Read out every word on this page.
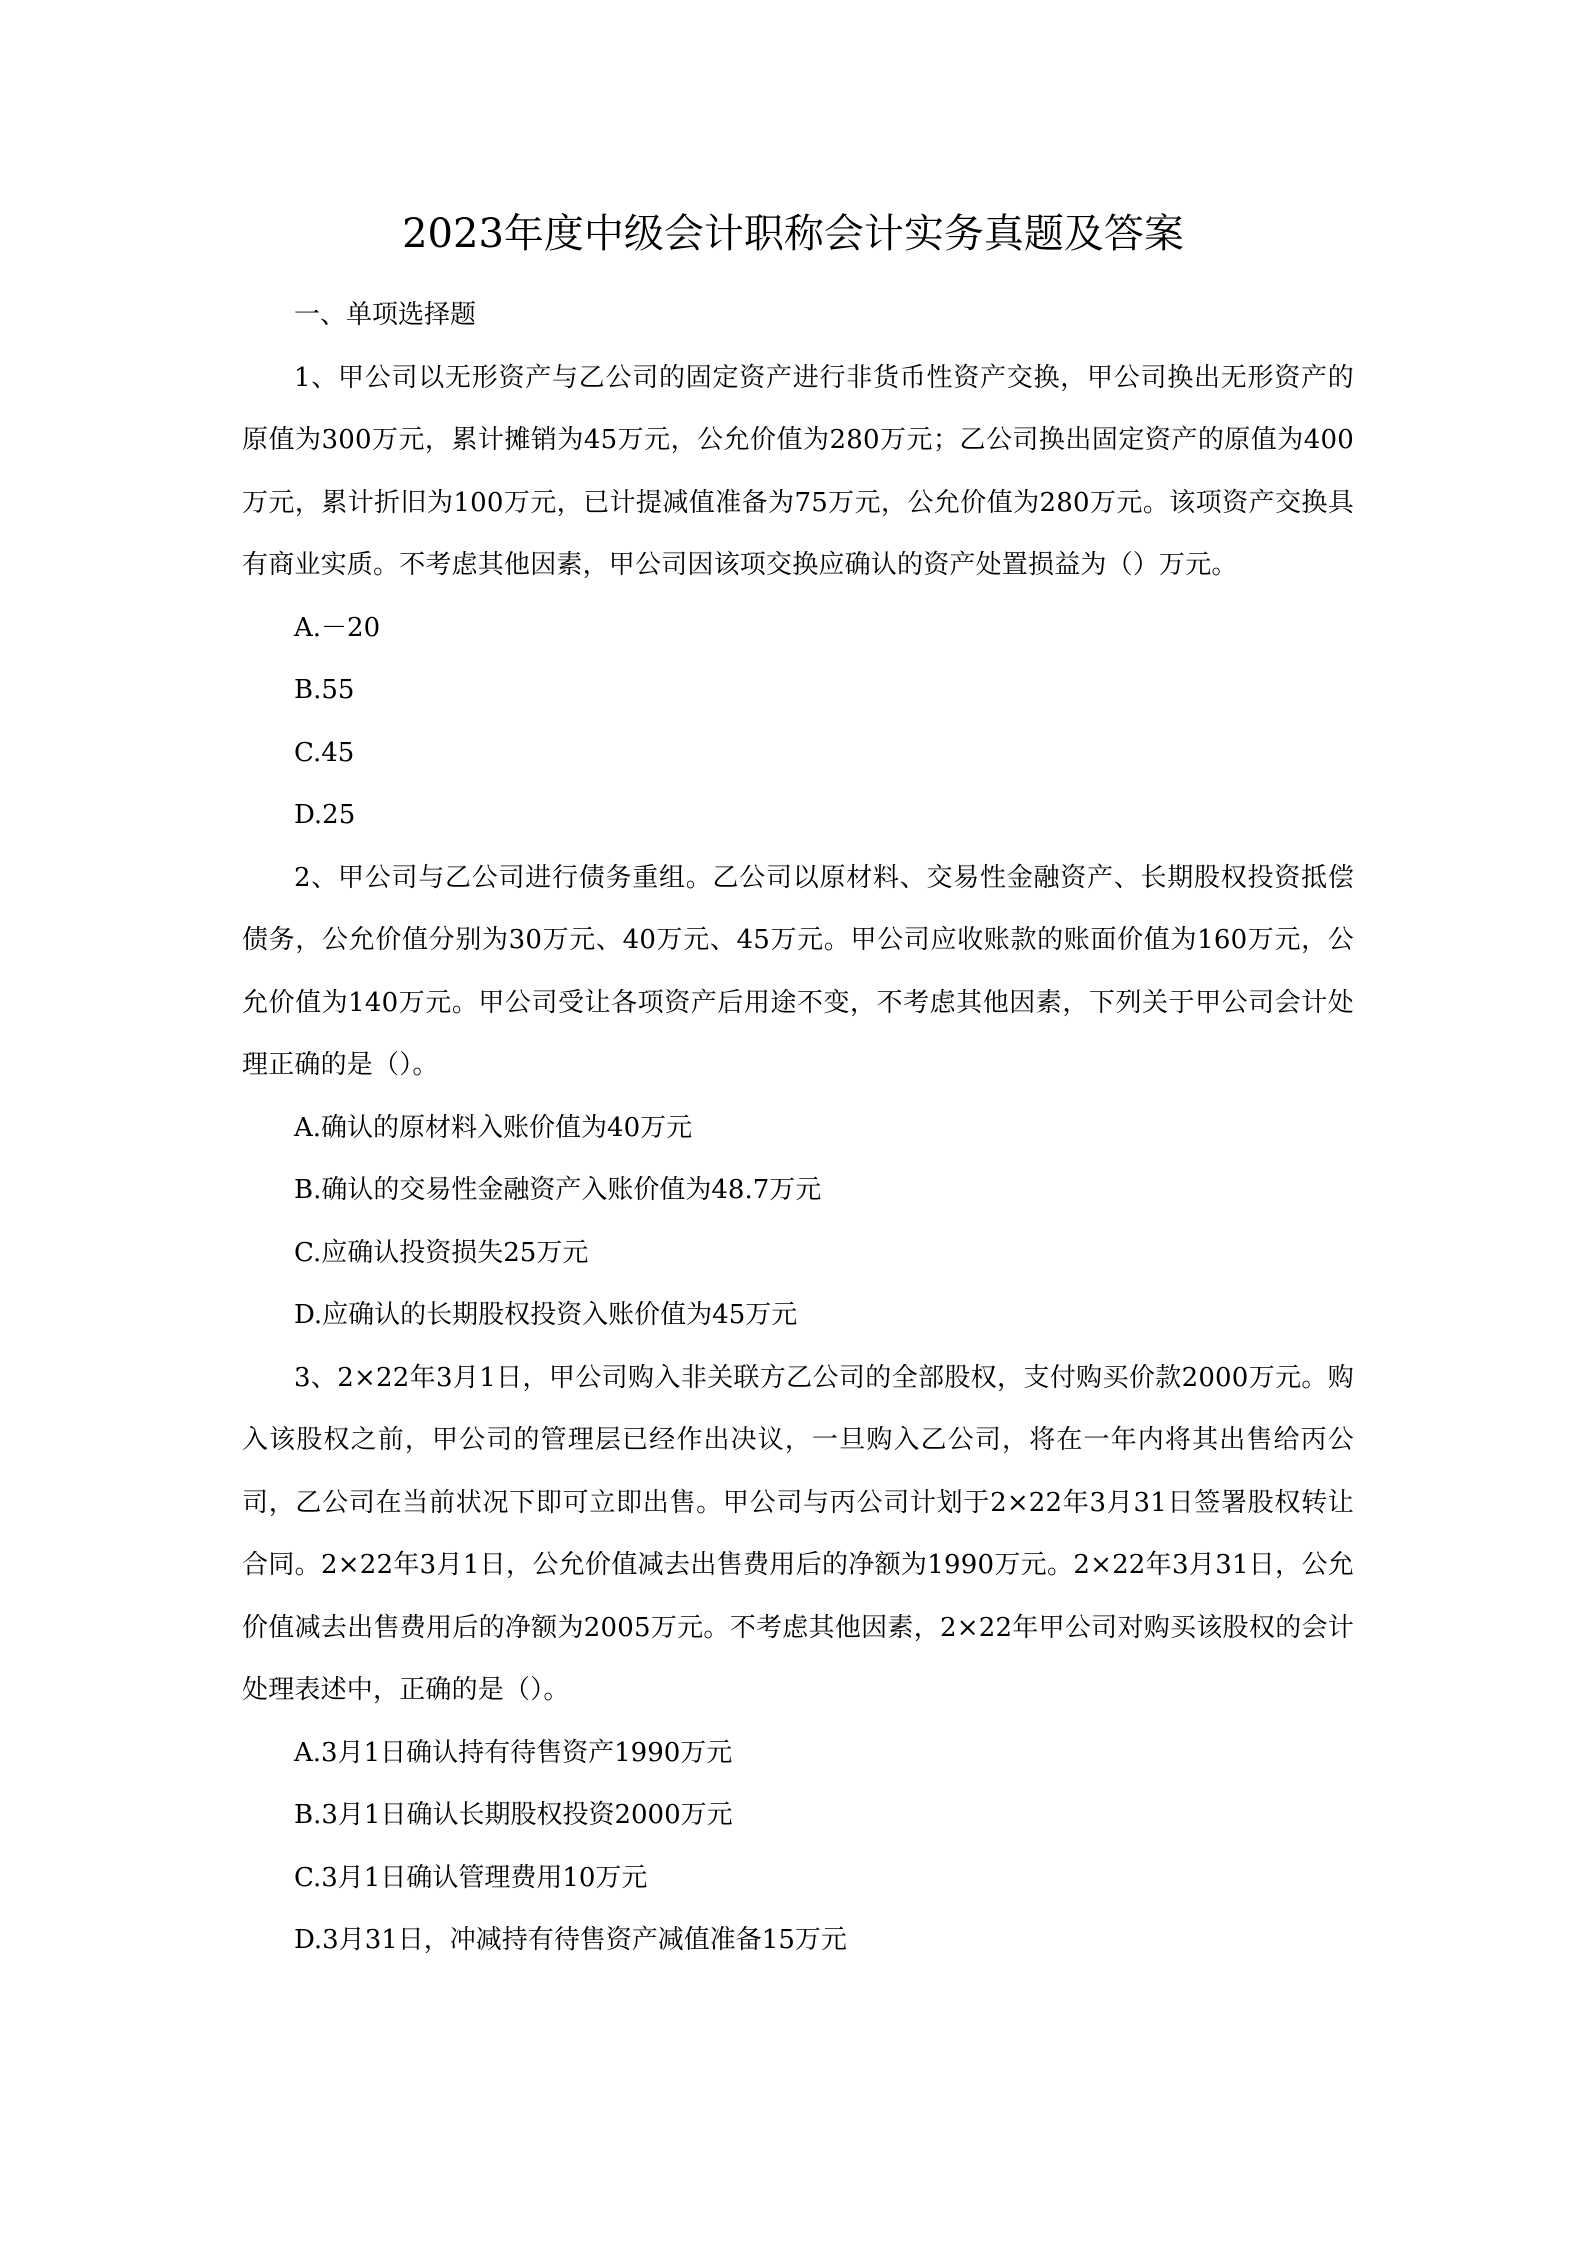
2023年度中级会计职称会计实务真题及答案

一、单项选择题

1、甲公司以无形资产与乙公司的固定资产进行非货币性资产交换，甲公司换出无形资产的原值为300万元，累计摊销为45万元，公允价值为280万元；乙公司换出固定资产的原值为400万元，累计折旧为100万元，已计提减值准备为75万元，公允价值为280万元。该项资产交换具有商业实质。不考虑其他因素，甲公司因该项交换应确认的资产处置损益为（）万元。

A.－20

B.55

C.45

D.25

2、甲公司与乙公司进行债务重组。乙公司以原材料、交易性金融资产、长期股权投资抵偿债务，公允价值分别为30万元、40万元、45万元。甲公司应收账款的账面价值为160万元，公允价值为140万元。甲公司受让各项资产后用途不变，不考虑其他因素，下列关于甲公司会计处理正确的是（）。

A.确认的原材料入账价值为40万元

B.确认的交易性金融资产入账价值为48.7万元

C.应确认投资损失25万元

D.应确认的长期股权投资入账价值为45万元

3、2×22年3月1日，甲公司购入非关联方乙公司的全部股权，支付购买价款2000万元。购入该股权之前，甲公司的管理层已经作出决议，一旦购入乙公司，将在一年内将其出售给丙公司，乙公司在当前状况下即可立即出售。甲公司与丙公司计划于2×22年3月31日签署股权转让合同。2×22年3月1日，公允价值减去出售费用后的净额为1990万元。2×22年3月31日，公允价值减去出售费用后的净额为2005万元。不考虑其他因素，2×22年甲公司对购买该股权的会计处理表述中，正确的是（）。

A.3月1日确认持有待售资产1990万元

B.3月1日确认长期股权投资2000万元

C.3月1日确认管理费用10万元

D.3月31日，冲减持有待售资产减值准备15万元
